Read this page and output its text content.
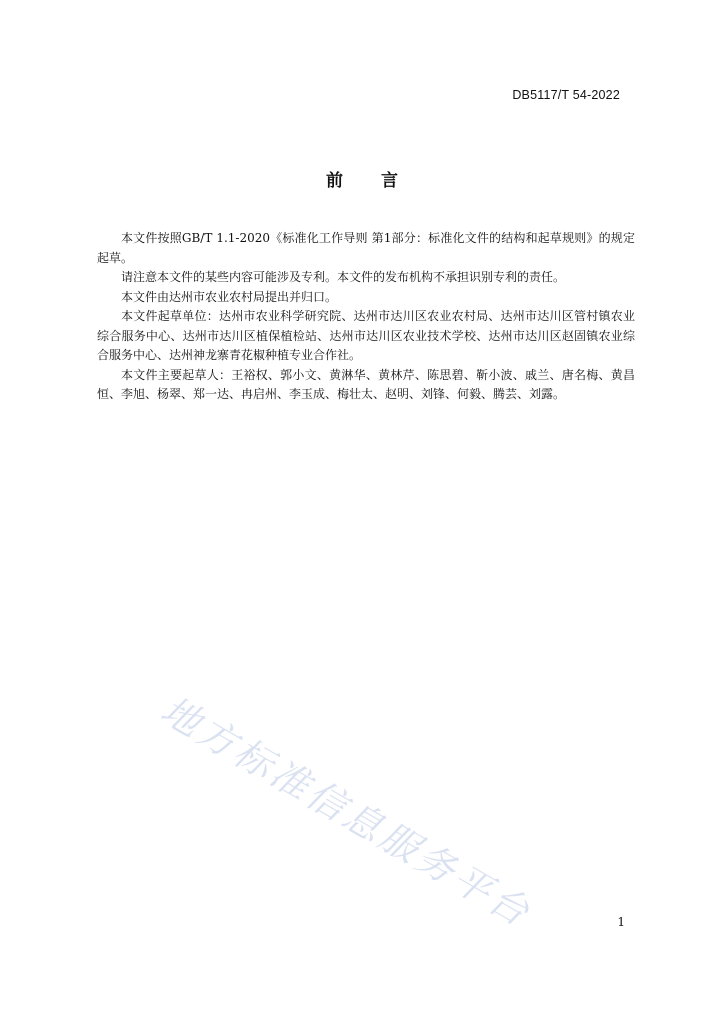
DB5117/T 54-2022
前言

本文件按照GB/T 1.1-2020《标准化工作导则 第1部分：标准化文件的结构和起草规则》的规定起草。

请注意本文件的某些内容可能涉及专利。本文件的发布机构不承担识别专利的责任。

本文件由达州市农业农村局提出并归口。

本文件起草单位：达州市农业科学研究院、达州市达川区农业农村局、达州市达川区管村镇农业综合服务中心、达州市达川区植保植检站、达州市达川区农业技术学校、达州市达川区赵固镇农业综合服务中心、达州神龙寨青花椒种植专业合作社。

本文件主要起草人：王裕权、郭小文、黄淋华、黄林芹、陈思碧、靳小波、戚兰、唐名梅、黄昌恒、李旭、杨翠、郑一达、冉启州、李玉成、梅壮太、赵明、刘锋、何毅、腾芸、刘露。

地方标准信息服务平台	1
